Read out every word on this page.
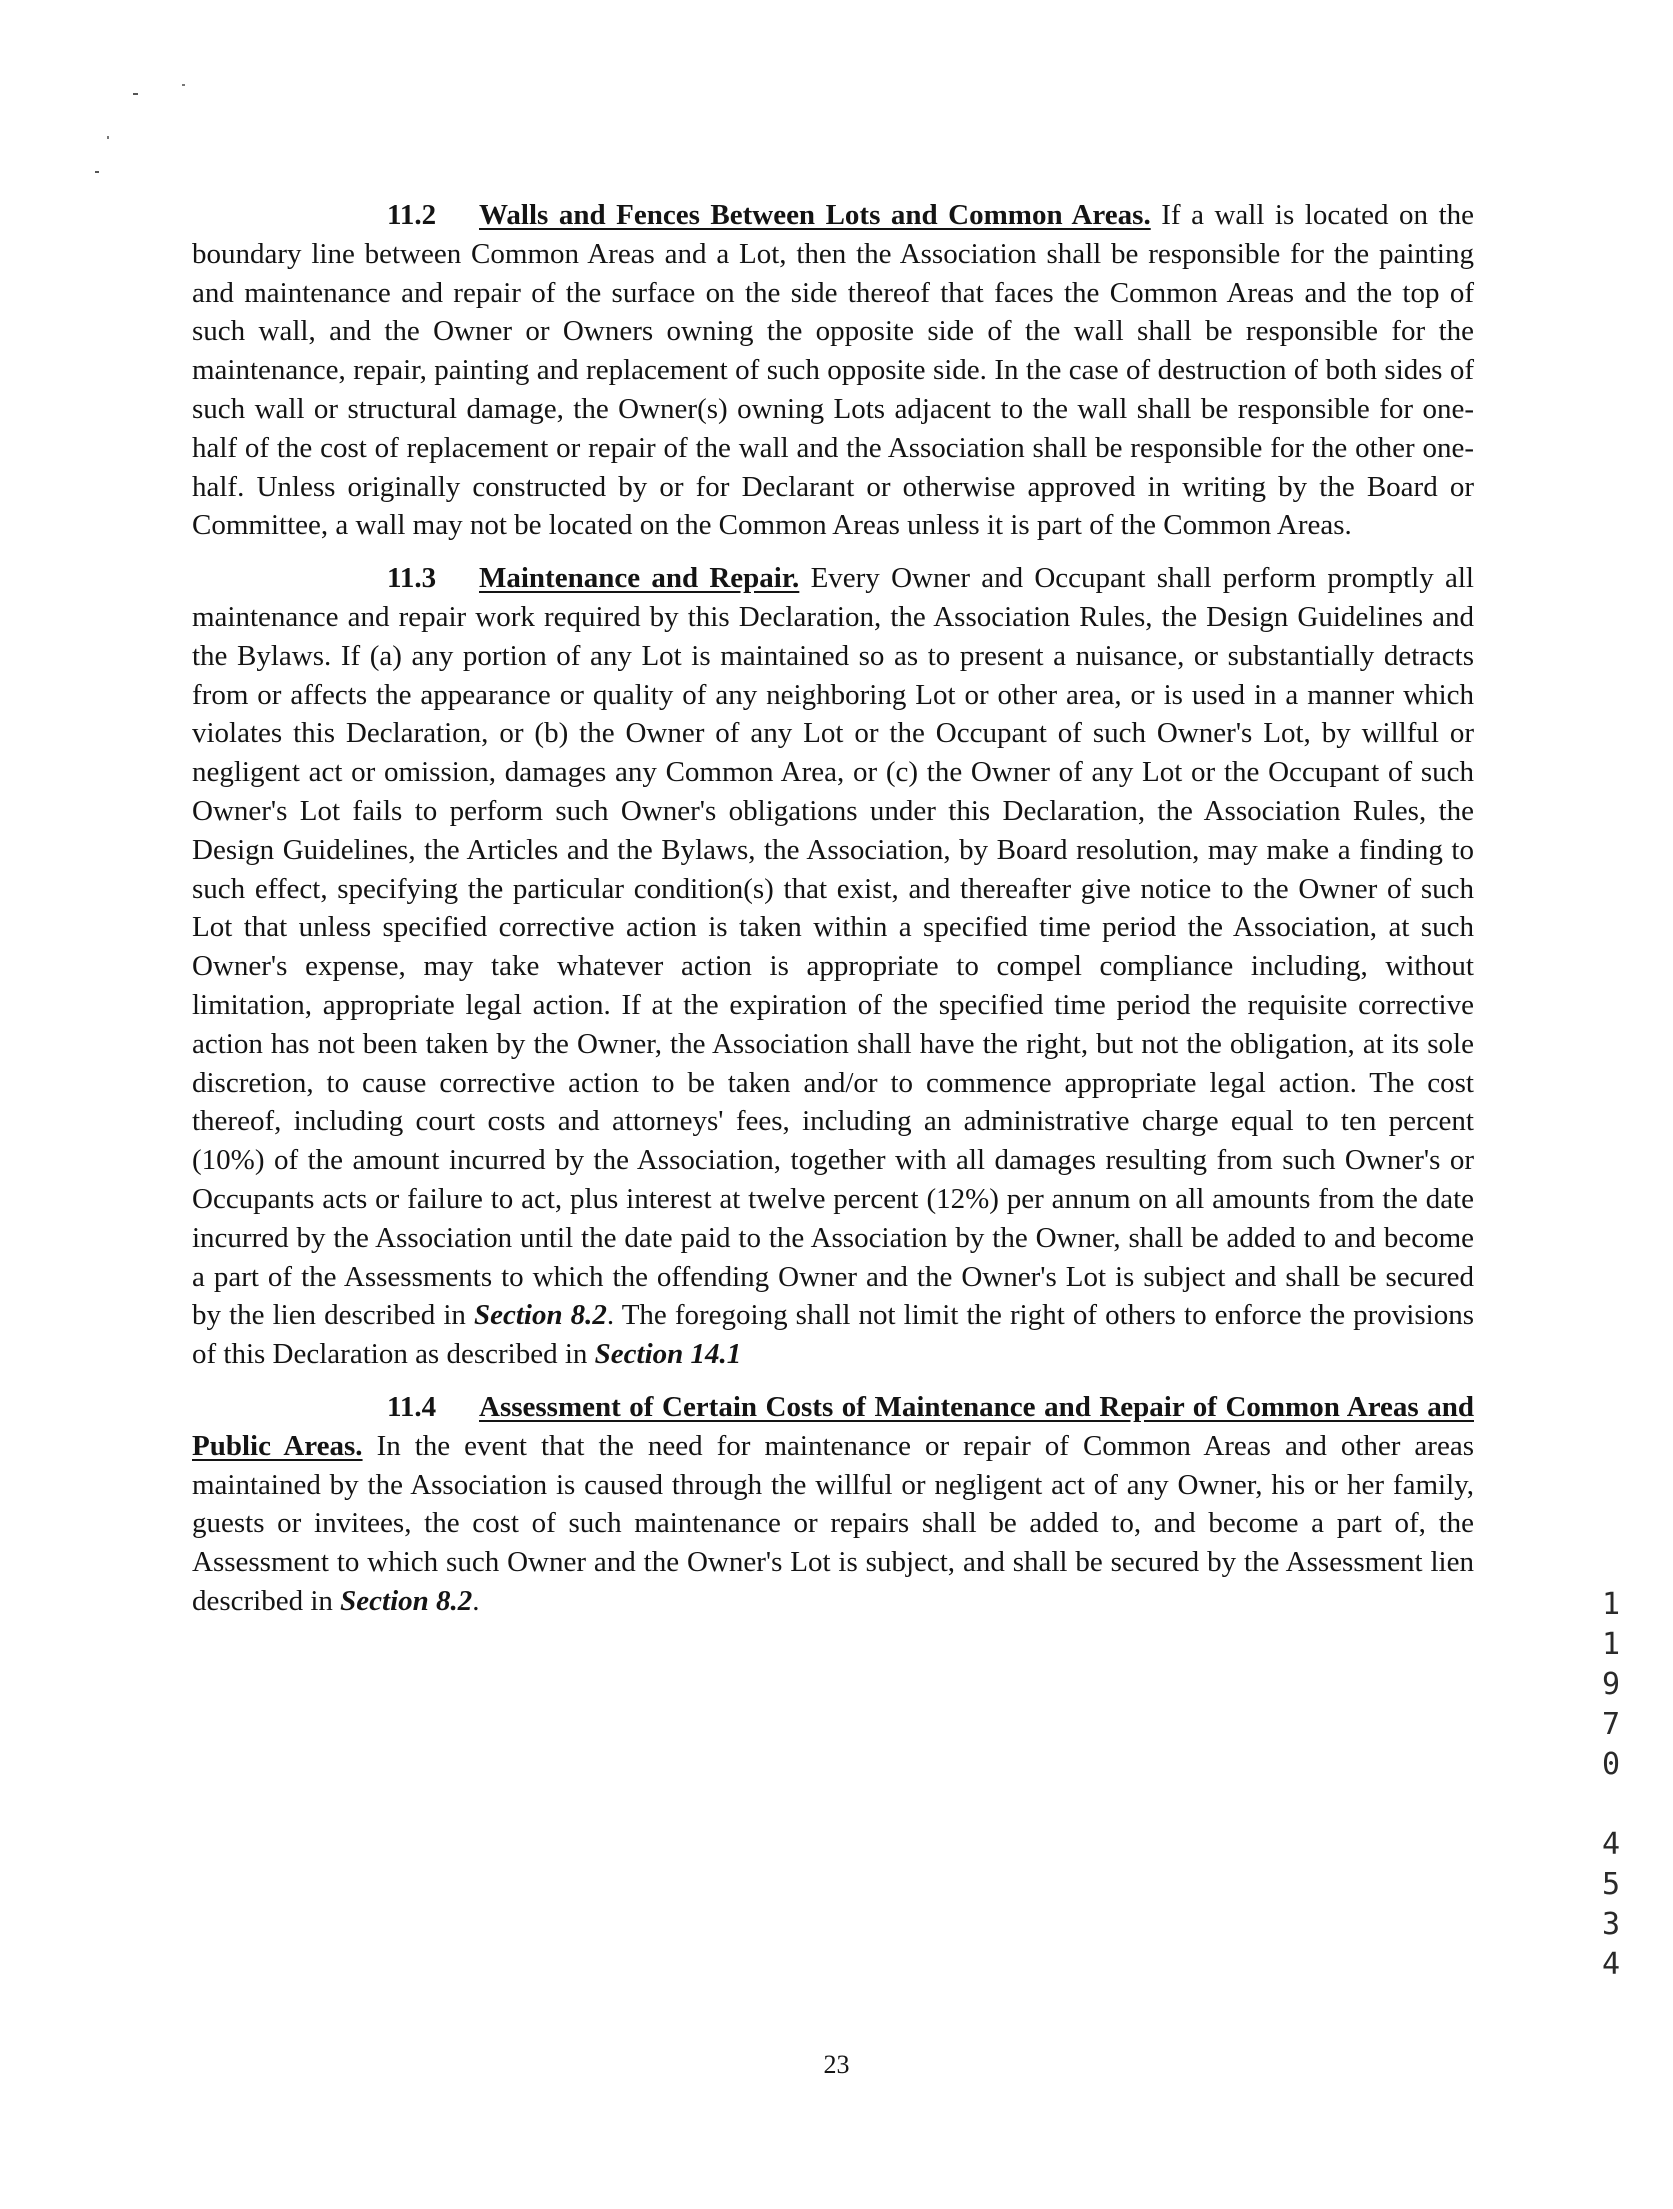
11.2 Walls and Fences Between Lots and Common Areas. If a wall is located on the boundary line between Common Areas and a Lot, then the Association shall be responsible for the painting and maintenance and repair of the surface on the side thereof that faces the Common Areas and the top of such wall, and the Owner or Owners owning the opposite side of the wall shall be responsible for the maintenance, repair, painting and replacement of such opposite side. In the case of destruction of both sides of such wall or structural damage, the Owner(s) owning Lots adjacent to the wall shall be responsible for one-half of the cost of replacement or repair of the wall and the Association shall be responsible for the other one-half. Unless originally constructed by or for Declarant or otherwise approved in writing by the Board or Committee, a wall may not be located on the Common Areas unless it is part of the Common Areas.

11.3 Maintenance and Repair. Every Owner and Occupant shall perform promptly all maintenance and repair work required by this Declaration, the Association Rules, the Design Guidelines and the Bylaws. If (a) any portion of any Lot is maintained so as to present a nuisance, or substantially detracts from or affects the appearance or quality of any neighboring Lot or other area, or is used in a manner which violates this Declaration, or (b) the Owner of any Lot or the Occupant of such Owner's Lot, by willful or negligent act or omission, damages any Common Area, or (c) the Owner of any Lot or the Occupant of such Owner's Lot fails to perform such Owner's obligations under this Declaration, the Association Rules, the Design Guidelines, the Articles and the Bylaws, the Association, by Board resolution, may make a finding to such effect, specifying the particular condition(s) that exist, and thereafter give notice to the Owner of such Lot that unless specified corrective action is taken within a specified time period the Association, at such Owner's expense, may take whatever action is appropriate to compel compliance including, without limitation, appropriate legal action. If at the expiration of the specified time period the requisite corrective action has not been taken by the Owner, the Association shall have the right, but not the obligation, at its sole discretion, to cause corrective action to be taken and/or to commence appropriate legal action. The cost thereof, including court costs and attorneys' fees, including an administrative charge equal to ten percent (10%) of the amount incurred by the Association, together with all damages resulting from such Owner's or Occupants acts or failure to act, plus interest at twelve percent (12%) per annum on all amounts from the date incurred by the Association until the date paid to the Association by the Owner, shall be added to and become a part of the Assessments to which the offending Owner and the Owner's Lot is subject and shall be secured by the lien described in Section 8.2. The foregoing shall not limit the right of others to enforce the provisions of this Declaration as described in Section 14.1

11.4 Assessment of Certain Costs of Maintenance and Repair of Common Areas and Public Areas. In the event that the need for maintenance or repair of Common Areas and other areas maintained by the Association is caused through the willful or negligent act of any Owner, his or her family, guests or invitees, the cost of such maintenance or repairs shall be added to, and become a part of, the Assessment to which such Owner and the Owner's Lot is subject, and shall be secured by the Assessment lien described in Section 8.2.	1
1
9
7
0
4
5
3
4

23
